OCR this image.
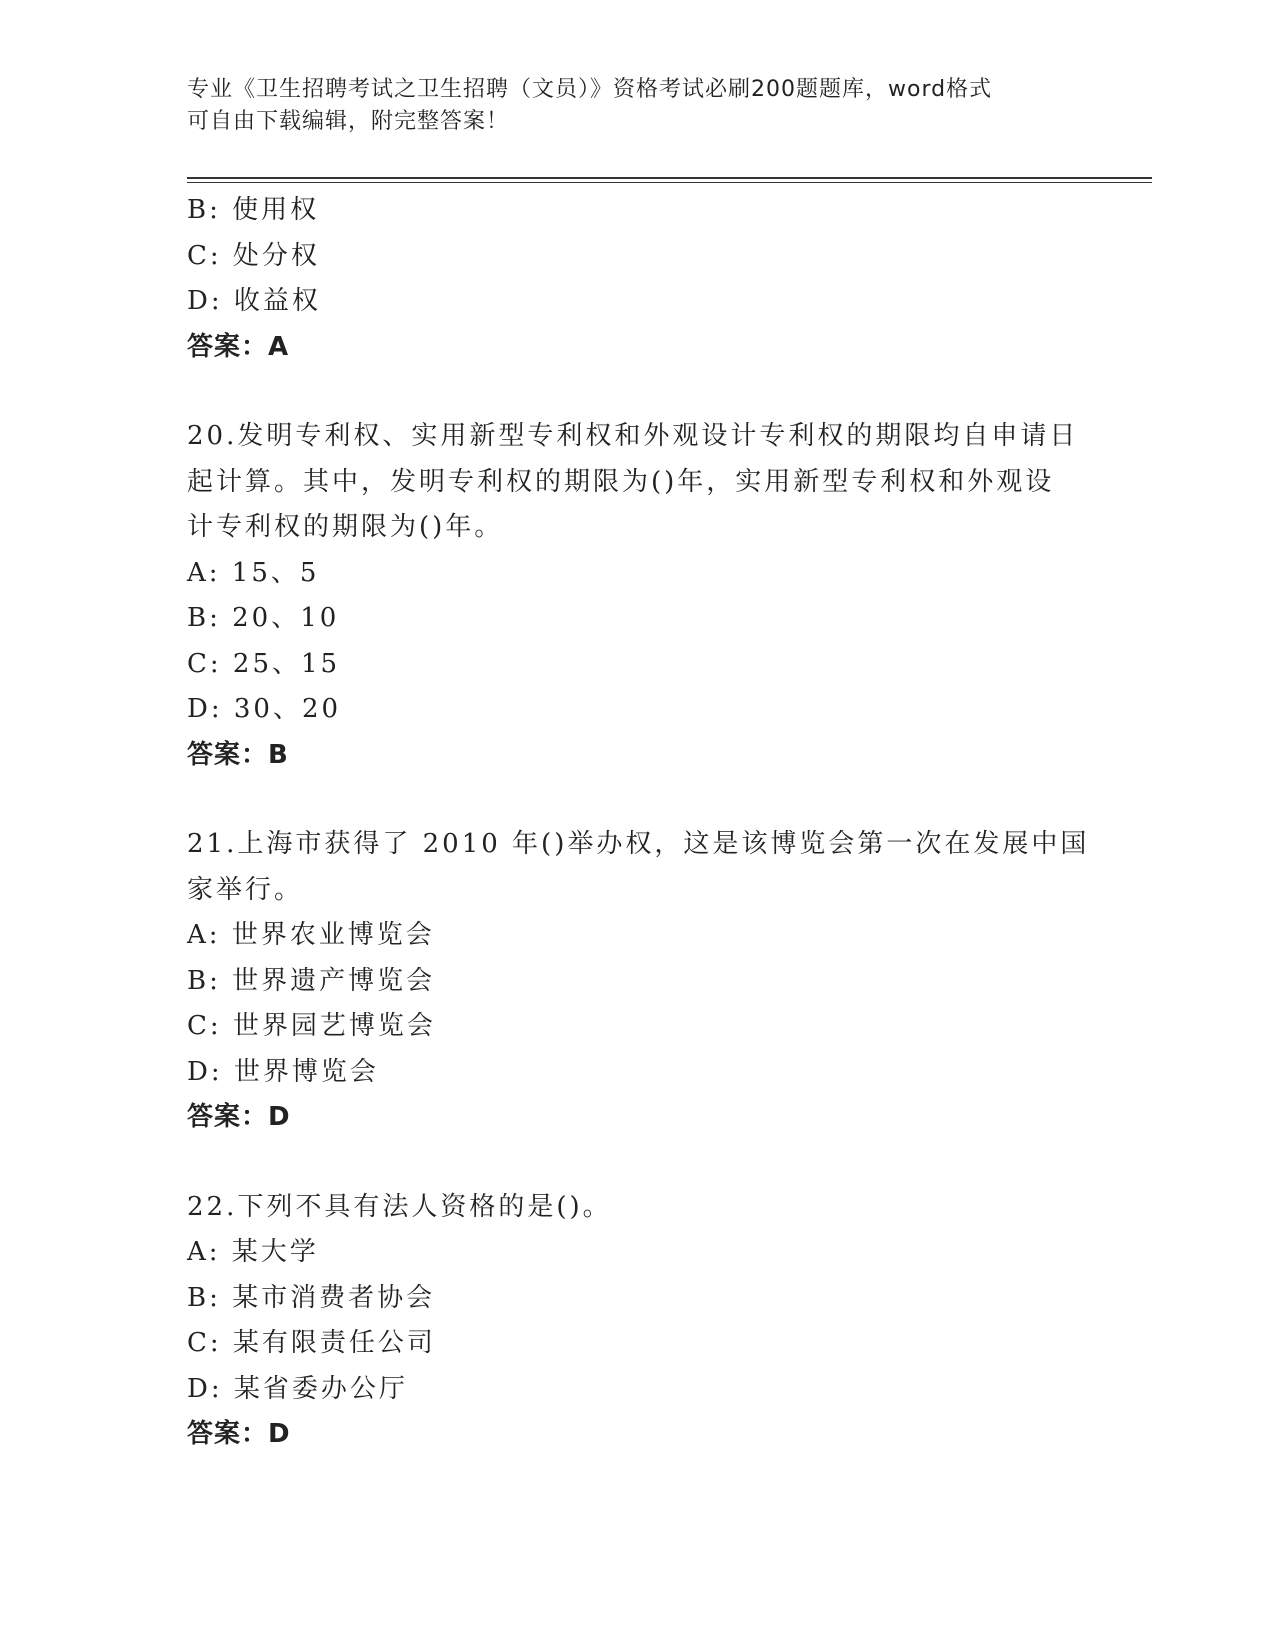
专业《卫生招聘考试之卫生招聘（文员）》资格考试必刷200题题库，word格式
可自由下载编辑，附完整答案！
B: 使用权
C: 处分权
D: 收益权
答案：A
20.发明专利权、实用新型专利权和外观设计专利权的期限均自申请日
起计算。其中，发明专利权的期限为()年，实用新型专利权和外观设
计专利权的期限为()年。
A: 15、5
B: 20、10
C: 25、15
D: 30、20
答案：B
21.上海市获得了 2010 年()举办权，这是该博览会第一次在发展中国
家举行。
A: 世界农业博览会
B: 世界遗产博览会
C: 世界园艺博览会
D: 世界博览会
答案：D
22.下列不具有法人资格的是()。
A: 某大学
B: 某市消费者协会
C: 某有限责任公司
D: 某省委办公厅
答案：D
